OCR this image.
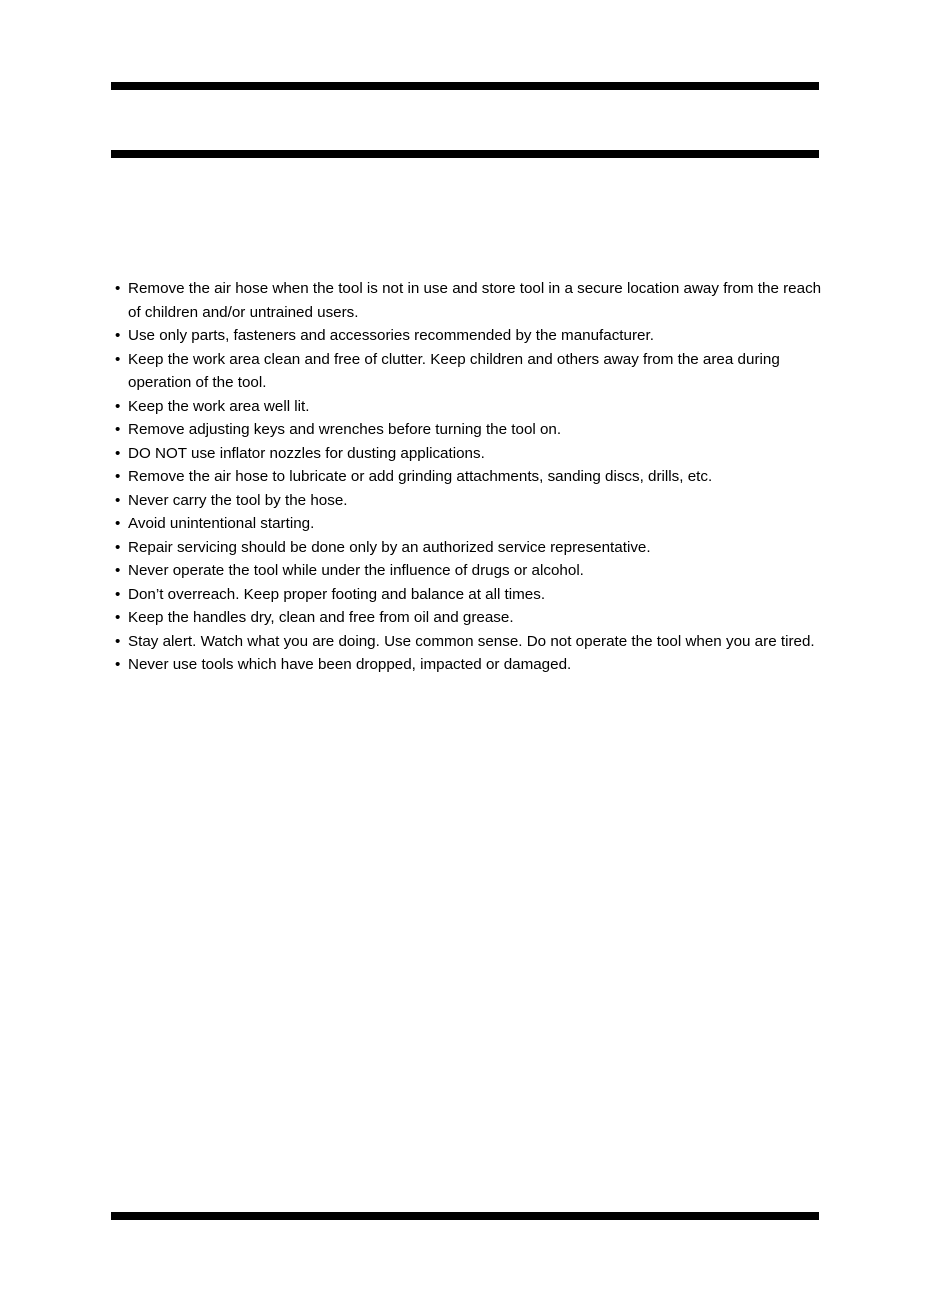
• Remove the air hose when the tool is not in use and store tool in a secure location away from the reach of children and/or untrained users.
• Use only parts, fasteners and accessories recommended by the manufacturer.
• Keep the work area clean and free of clutter. Keep children and others away from the area during operation of the tool.
• Keep the work area well lit.
• Remove adjusting keys and wrenches before turning the tool on.
• DO NOT use inflator nozzles for dusting applications.
• Remove the air hose to lubricate or add grinding attachments, sanding discs, drills, etc.
• Never carry the tool by the hose.
• Avoid unintentional starting.
• Repair servicing should be done only by an authorized service representative.
• Never operate the tool while under the influence of drugs or alcohol.
• Don’t overreach. Keep proper footing and balance at all times.
• Keep the handles dry, clean and free from oil and grease.
• Stay alert. Watch what you are doing. Use common sense. Do not operate the tool when you are tired.
• Never use tools which have been dropped, impacted or damaged.
